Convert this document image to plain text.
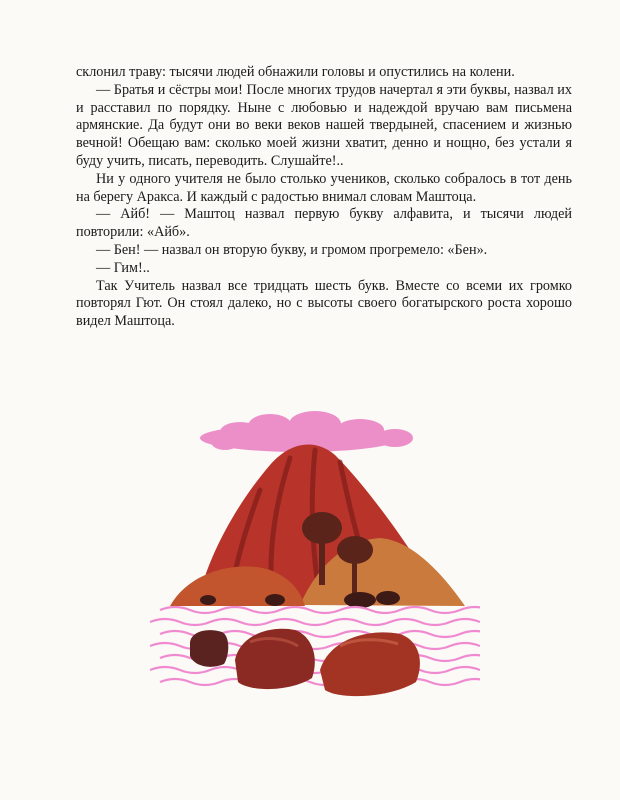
склонил траву: тысячи людей обнажили головы и опустились на колени.

— Братья и сёстры мои! После многих трудов начертал я эти буквы, назвал их и расставил по порядку. Ныне с любовью и надеждой вручаю вам письмена армянские. Да будут они во веки веков нашей твердыней, спасением и жизнью вечной! Обещаю вам: сколько моей жизни хватит, денно и нощно, без устали я буду учить, писать, переводить. Слушайте!..

Ни у одного учителя не было столько учеников, сколько собралось в тот день на берегу Аракса. И каждый с радостью внимал словам Маштоца.

— Айб! — Маштоц назвал первую букву алфавита, и тысячи людей повторили: «Айб».

— Бен! — назвал он вторую букву, и громом прогремело: «Бен».

— Гим!..

Так Учитель назвал все тридцать шесть букв. Вместе со всеми их громко повторял Гют. Он стоял далеко, но с высоты своего богатырского роста хорошо видел Маштоца.
